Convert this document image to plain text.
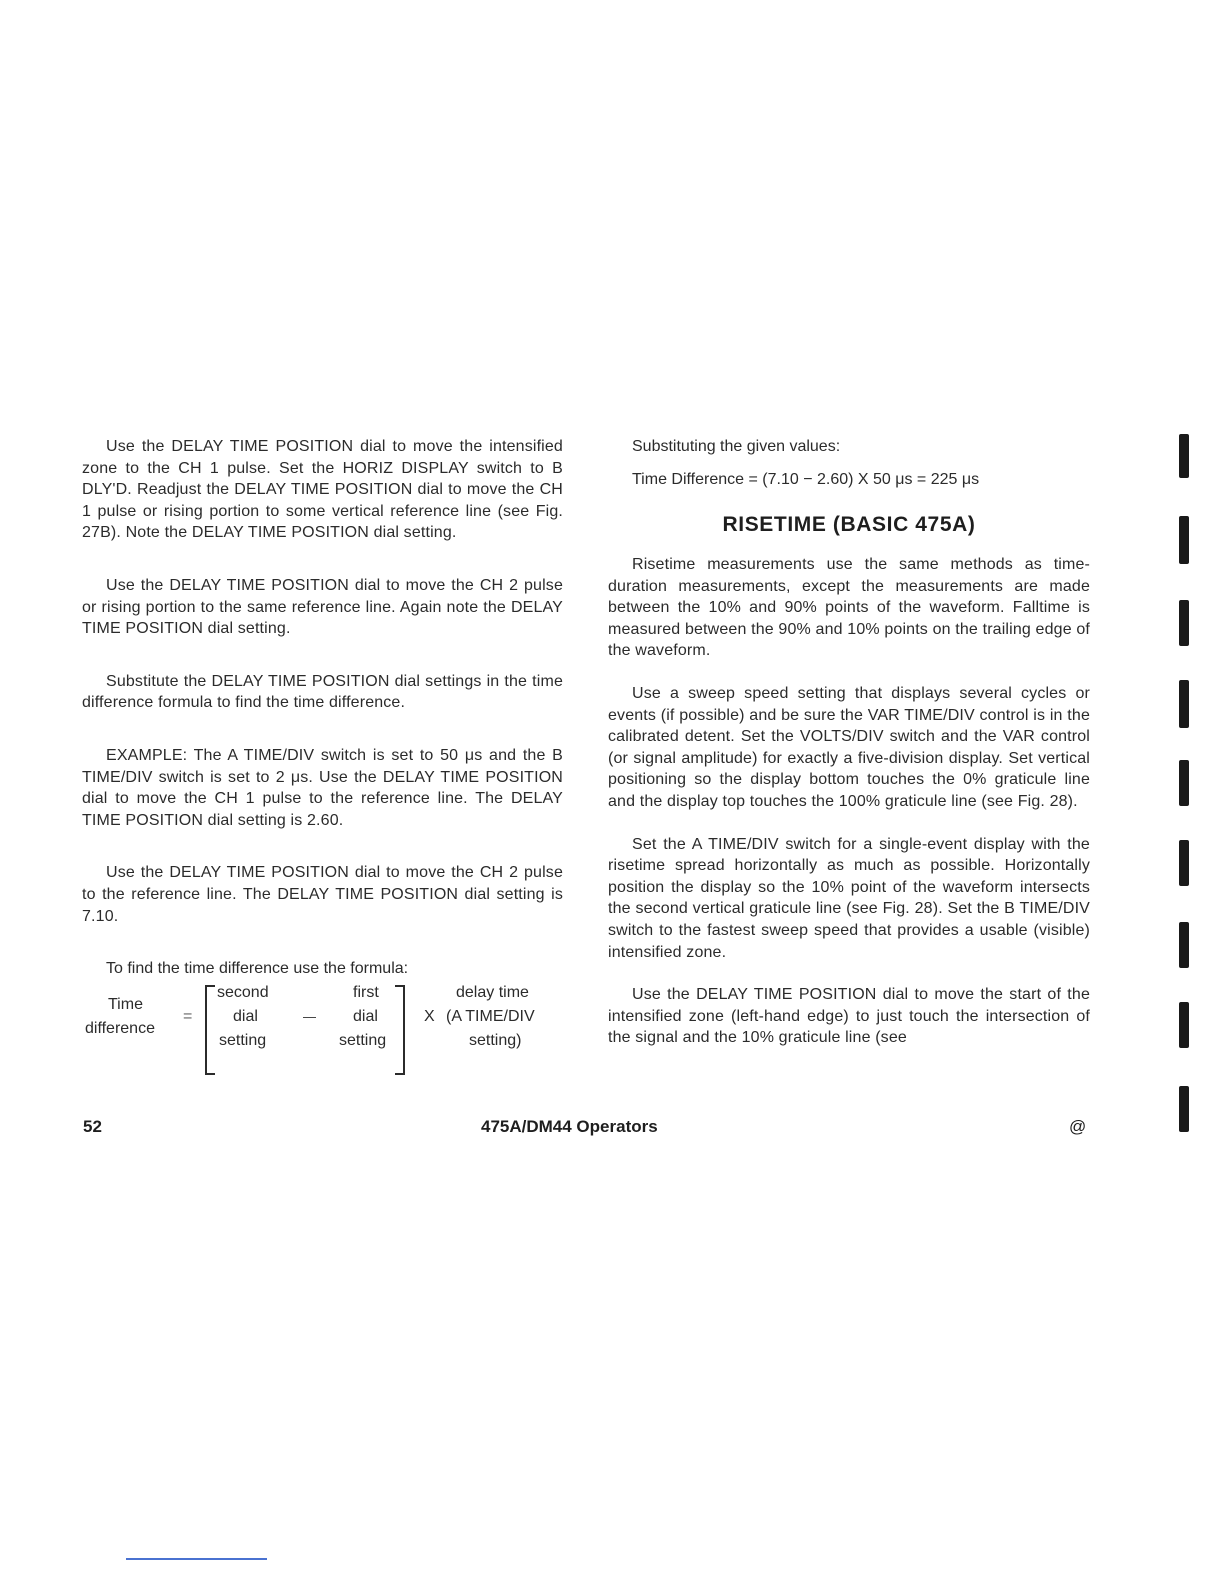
Use the DELAY TIME POSITION dial to move the intensified zone to the CH 1 pulse. Set the HORIZ DISPLAY switch to B DLY'D. Readjust the DELAY TIME POSITION dial to move the CH 1 pulse or rising portion to some vertical reference line (see Fig. 27B). Note the DELAY TIME POSITION dial setting.

Use the DELAY TIME POSITION dial to move the CH 2 pulse or rising portion to the same reference line. Again note the DELAY TIME POSITION dial setting.

Substitute the DELAY TIME POSITION dial settings in the time difference formula to find the time difference.

EXAMPLE: The A TIME/DIV switch is set to 50 μs and the B TIME/DIV switch is set to 2 μs. Use the DELAY TIME POSITION dial to move the CH 1 pulse to the reference line. The DELAY TIME POSITION dial setting is 2.60.

Use the DELAY TIME POSITION dial to move the CH 2 pulse to the reference line. The DELAY TIME POSITION dial setting is 7.10.

To find the time difference use the formula:

Time
difference
=
second
dial
setting
—
first
dial
setting
X
delay time
(A TIME/DIV
setting)

Substituting the given values:

Time Difference = (7.10 − 2.60) X 50 μs = 225 μs

RISETIME (BASIC 475A)

Risetime measurements use the same methods as time-duration measurements, except the measurements are made between the 10% and 90% points of the waveform. Falltime is measured between the 90% and 10% points on the trailing edge of the waveform.

Use a sweep speed setting that displays several cycles or events (if possible) and be sure the VAR TIME/DIV control is in the calibrated detent. Set the VOLTS/DIV switch and the VAR control (or signal amplitude) for exactly a five-division display. Set vertical positioning so the display bottom touches the 0% graticule line and the display top touches the 100% graticule line (see Fig. 28).

Set the A TIME/DIV switch for a single-event display with the risetime spread horizontally as much as possible. Horizontally position the display so the 10% point of the waveform intersects the second vertical graticule line (see Fig. 28). Set the B TIME/DIV switch to the fastest sweep speed that provides a usable (visible) intensified zone.

Use the DELAY TIME POSITION dial to move the start of the intensified zone (left-hand edge) to just touch the intersection of the signal and the 10% graticule line (see

52	475A/DM44 Operators	@
